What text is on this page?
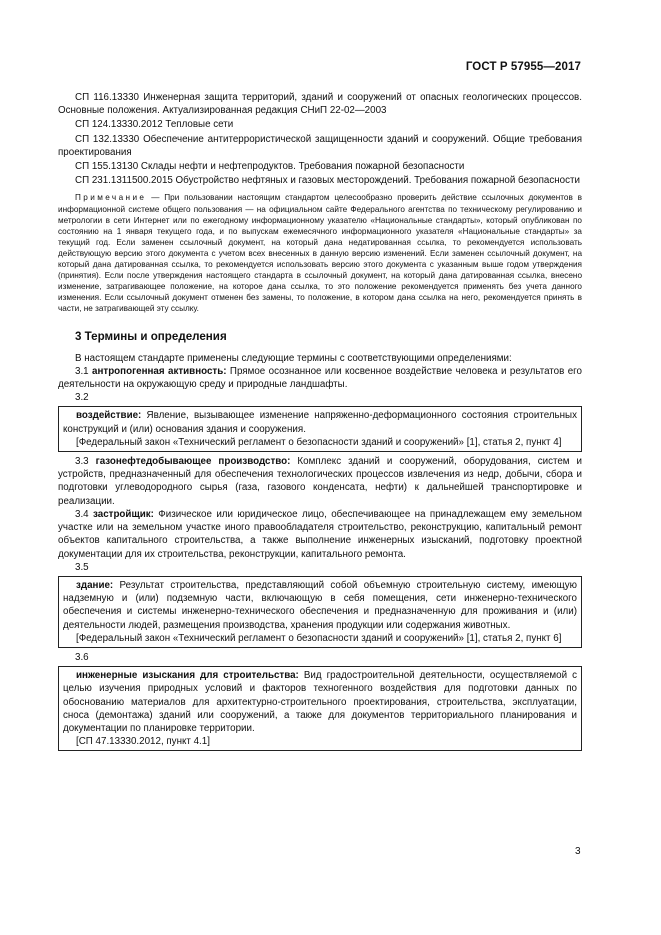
ГОСТ Р 57955—2017

СП 116.13330 Инженерная защита территорий, зданий и сооружений от опасных геологических процессов. Основные положения. Актуализированная редакция СНиП 22-02—2003

СП 124.13330.2012 Тепловые сети

СП 132.13330 Обеспечение антитеррористической защищенности зданий и сооружений. Общие требования проектирования

СП 155.13130 Склады нефти и нефтепродуктов. Требования пожарной безопасности

СП 231.1311500.2015 Обустройство нефтяных и газовых месторождений. Требования пожарной безопасности

Примечание — При пользовании настоящим стандартом целесообразно проверить действие ссылочных документов в информационной системе общего пользования — на официальном сайте Федерального агентства по техническому регулированию и метрологии в сети Интернет или по ежегодному информационному указателю «Национальные стандарты», который опубликован по состоянию на 1 января текущего года, и по выпускам ежемесячного информационного указателя «Национальные стандарты» за текущий год. Если заменен ссылочный документ, на который дана недатированная ссылка, то рекомендуется использовать действующую версию этого документа с учетом всех внесенных в данную версию изменений. Если заменен ссылочный документ, на который дана датированная ссылка, то рекомендуется использовать версию этого документа с указанным выше годом утверждения (принятия). Если после утверждения настоящего стандарта в ссылочный документ, на который дана датированная ссылка, внесено изменение, затрагивающее положение, на которое дана ссылка, то это положение рекомендуется применять без учета данного изменения. Если ссылочный документ отменен без замены, то положение, в котором дана ссылка на него, рекомендуется принять в части, не затрагивающей эту ссылку.
3 Термины и определения

В настоящем стандарте применены следующие термины с соответствующими определениями:

3.1 антропогенная активность: Прямое осознанное или косвенное воздействие человека и результатов его деятельности на окружающую среду и природные ландшафты.

3.2

воздействие: Явление, вызывающее изменение напряженно-деформационного состояния строительных конструкций и (или) основания здания и сооружения.

[Федеральный закон «Технический регламент о безопасности зданий и сооружений» [1], статья 2, пункт 4]

3.3 газонефтедобывающее производство: Комплекс зданий и сооружений, оборудования, систем и устройств, предназначенный для обеспечения технологических процессов извлечения из недр, добычи, сбора и подготовки углеводородного сырья (газа, газового конденсата, нефти) к дальнейшей транспортировке и реализации.

3.4 застройщик: Физическое или юридическое лицо, обеспечивающее на принадлежащем ему земельном участке или на земельном участке иного правообладателя строительство, реконструкцию, капитальный ремонт объектов капитального строительства, а также выполнение инженерных изысканий, подготовку проектной документации для их строительства, реконструкции, капитального ремонта.

3.5

здание: Результат строительства, представляющий собой объемную строительную систему, имеющую надземную и (или) подземную части, включающую в себя помещения, сети инженерно-технического обеспечения и системы инженерно-технического обеспечения и предназначенную для проживания и (или) деятельности людей, размещения производства, хранения продукции или содержания животных.

[Федеральный закон «Технический регламент о безопасности зданий и сооружений» [1], статья 2, пункт 6]

3.6

инженерные изыскания для строительства: Вид градостроительной деятельности, осуществляемой с целью изучения природных условий и факторов техногенного воздействия для подготовки данных по обоснованию материалов для архитектурно-строительного проектирования, строительства, эксплуатации, сноса (демонтажа) зданий или сооружений, а также для документов территориального планирования и документации по планировке территории.

[СП 47.13330.2012, пункт 4.1]

3
